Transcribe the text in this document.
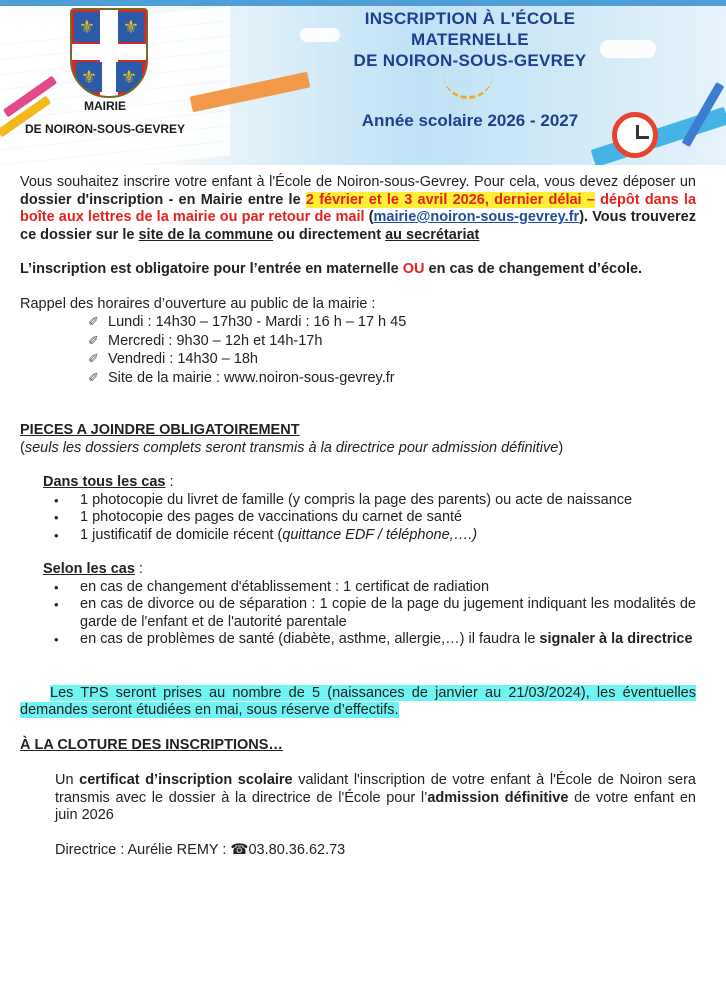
⚜ ⚜
⚜ ⚜
MAIRIE
DE NOIRON-SOUS-GEVREY
INSCRIPTION À L'ÉCOLE
MATERNELLE
DE NOIRON-SOUS-GEVREY
Année scolaire 2026 - 2027

Vous souhaitez inscrire votre enfant à l'École de Noiron-sous-Gevrey. Pour cela, vous devez déposer un dossier d'inscription - en Mairie entre le 2 février et le 3 avril 2026, dernier délai – dépôt dans la boîte aux lettres de la mairie ou par retour de mail (mairie@noiron-sous-gevrey.fr). Vous trouverez ce dossier sur le site de la commune ou directement au secrétariat

L’inscription est obligatoire pour l’entrée en maternelle OU en cas de changement d’école.

Rappel des horaires d’ouverture au public de la mairie :

✐ Lundi : 14h30 – 17h30 - Mardi : 16 h – 17 h 45
✐ Mercredi : 9h30 – 12h et 14h-17h
✐ Vendredi : 14h30 – 18h
✐ Site de la mairie : www.noiron-sous-gevrey.fr

PIECES A JOINDRE OBLIGATOIREMENT

(seuls les dossiers complets seront transmis à la directrice pour admission définitive)

Dans tous les cas :

• 1 photocopie du livret de famille (y compris la page des parents) ou acte de naissance
• 1 photocopie des pages de vaccinations du carnet de santé
• 1 justificatif de domicile récent (quittance EDF / téléphone,….)

Selon les cas :

• en cas de changement d'établissement : 1 certificat de radiation
• en cas de divorce ou de séparation : 1 copie de la page du jugement indiquant les modalités de garde de l'enfant et de l'autorité parentale
• en cas de problèmes de santé (diabète, asthme, allergie,…) il faudra le signaler à la directrice

Les TPS seront prises au nombre de 5 (naissances de janvier au 21/03/2024), les éventuelles demandes seront étudiées en mai, sous réserve d’effectifs.

À LA CLOTURE DES INSCRIPTIONS…

Un certificat d’inscription scolaire validant l'inscription de votre enfant à l'École de Noiron sera transmis avec le dossier à la directrice de l'École pour l’admission définitive de votre enfant en juin 2026

Directrice : Aurélie REMY : ☎03.80.36.62.73
